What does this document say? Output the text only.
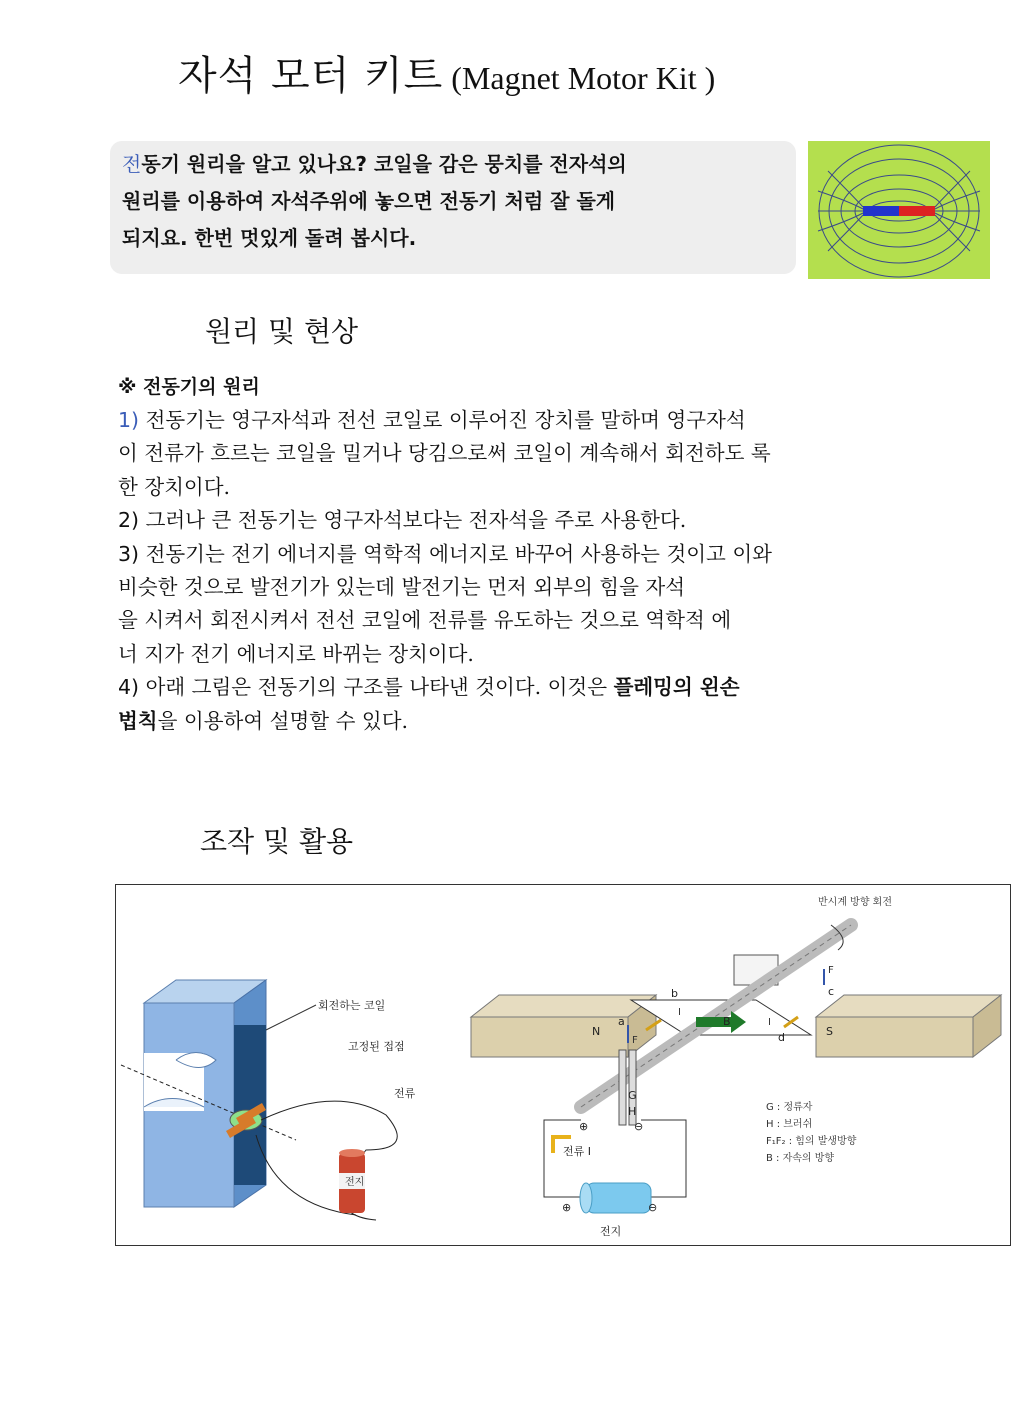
자석 모터 키트 (Magnet Motor Kit )
전동기 원리을 알고 있나요? 코일을 감은 뭉치를 전자석의
원리를 이용하여 자석주위에 놓으면 전동기 처럼 잘 돌게
되지요. 한번 멋있게 돌려 봅시다.
원리 및 현상
※ 전동기의 원리
1) 전동기는 영구자석과 전선 코일로 이루어진 장치를 말하며 영구자석
이 전류가 흐르는 코일을 밀거나 당김으로써 코일이 계속해서 회전하도 록
한 장치이다.
2) 그러나 큰 전동기는 영구자석보다는 전자석을 주로 사용한다.
3) 전동기는 전기 에너지를 역학적 에너지로 바꾸어 사용하는 것이고 이와
비슷한 것으로 발전기가 있는데 발전기는 먼저 외부의 힘을 자석
을 시켜서 회전시켜서 전선 코일에 전류를 유도하는 것으로 역학적 에
너 지가 전기 에너지로 바뀌는 장치이다.
4) 아래 그림은 전동기의 구조를 나타낸 것이다. 이것은 플레밍의 왼손
법칙을 이용하여 설명할 수 있다.
조작 및 활용
전지
회전하는 코일
고정된 접점
전류
N	S
a
b	c
d
I
I
F
F
B
반시계 방향 회전
G
H
⊕	⊖
전류 I
⊕	⊖
전지
G : 정류자
H : 브러쉬
F₁F₂ : 힘의 발생방향
B : 자속의 방향
